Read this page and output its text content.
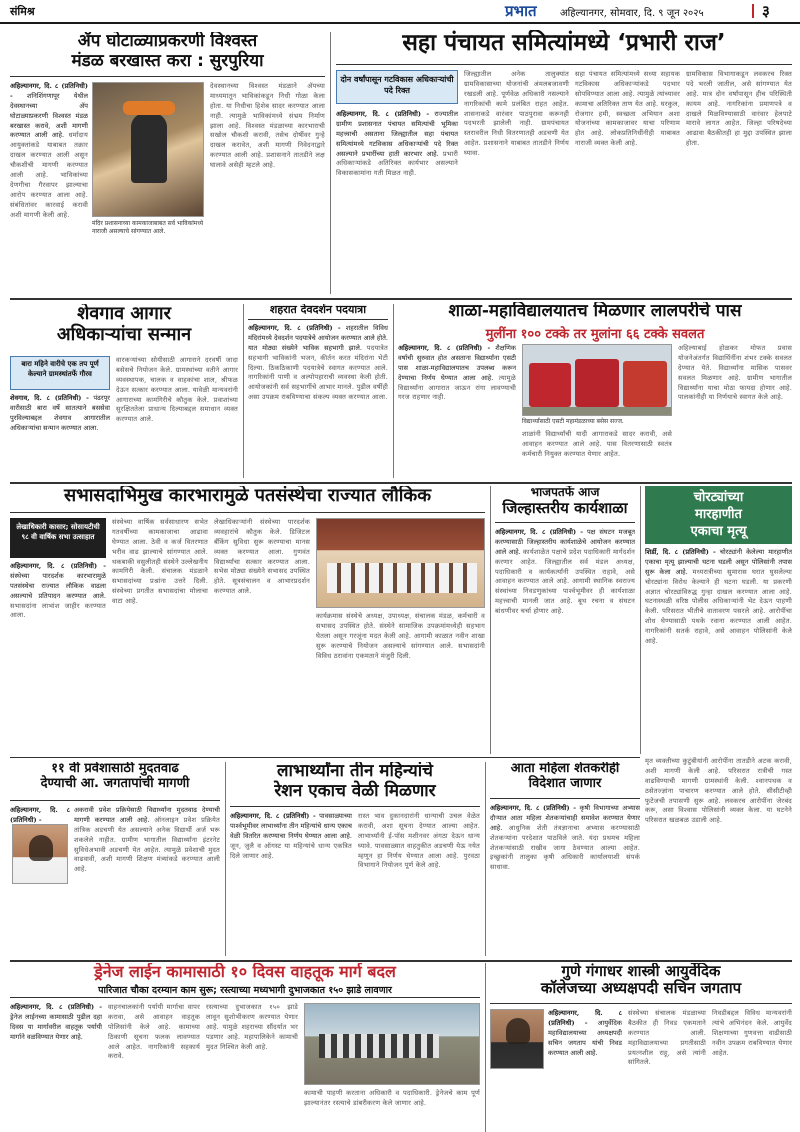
संमिश्र	प्रभात अहिल्यानगर, सोमवार, दि. ९ जून २०२५	३
ॲप घोटाळ्याप्रकरणी विश्वस्त
मंडळ बरखास्त करा : सुरपुरिया
अहिल्यानगर, दि. ८ (प्रतिनिधी) - शनिशिंगणापूर येथील देवस्थानच्या ॲप घोटाळ्याप्रकरणी विश्वस्त मंडळ बरखास्त करावे, अशी मागणी करण्यात आली आहे. धर्मादाय आयुक्तांकडे याबाबत तक्रार दाखल करण्यात आली असून चौकशीची मागणी करण्यात आली आहे. भाविकांच्या देणगीचा गैरवापर झाल्याचा आरोप करण्यात आला आहे. संबंधितांवर कारवाई करावी अशी मागणी केली आहे.
मंदिर प्रशासनाच्या कामकाजाबाबत सर्व भाविकांमध्ये नाराजी असल्याचे सांगण्यात आले.
देवस्थानच्या विश्वस्त मंडळाने ॲपच्या माध्यमातून भाविकांकडून निधी गोळा केला होता. या निधीचा हिशेब सादर करण्यात आला नाही. त्यामुळे भाविकांमध्ये संभ्रम निर्माण झाला आहे. विश्वस्त मंडळाच्या कारभाराची सखोल चौकशी करावी, तसेच दोषींवर गुन्हे दाखल करावेत, अशी मागणी निवेदनाद्वारे करण्यात आली आहे. प्रशासनाने तातडीने लक्ष घालावे असेही म्हटले आहे.
सहा पंचायत समित्यांमध्ये ‘प्रभारी राज’
दोन वर्षांपासून गटविकास अधिकाऱ्यांची पदे रिक्त
अहिल्यानगर, दि. ८ (प्रतिनिधी) - राज्यातील ग्रामीण प्रशासनात पंचायत समित्यांची भूमिका महत्त्वाची असताना जिल्ह्यातील सहा पंचायत समित्यांमध्ये गटविकास अधिकाऱ्यांची पदे रिक्त असल्याने प्रभारींच्या हाती कारभार आहे. प्रभारी अधिकाऱ्यांकडे अतिरिक्त कार्यभार असल्याने विकासकामांना गती मिळत नाही.
जिल्ह्यातील अनेक तालुक्यांत ग्रामविकासाच्या योजनांची अंमलबजावणी रखडली आहे. पूर्णवेळ अधिकारी नसल्याने नागरिकांची कामे प्रलंबित राहत आहेत. शासनाकडे वारंवार पाठपुरावा करूनही पदभरती झालेली नाही. ग्रामपंचायत स्तरावरील निधी वितरणातही अडचणी येत आहेत. प्रशासनाने याबाबत तातडीने निर्णय घ्यावा.
सहा पंचायत समित्यांमध्ये सध्या सहायक गटविकास अधिकाऱ्यांकडे पदभार सोपविण्यात आला आहे. त्यामुळे त्यांच्यावर कामाचा अतिरिक्त ताण येत आहे. घरकुल, रोजगार हमी, स्वच्छता अभियान अशा योजनांच्या कामकाजावर याचा परिणाम होत आहे. लोकप्रतिनिधींनीही याबाबत नाराजी व्यक्त केली आहे.
ग्रामविकास विभागाकडून लवकरच रिक्त पदे भरली जातील, असे सांगण्यात येत आहे. मात्र दोन वर्षांपासून हीच परिस्थिती कायम आहे. नागरिकांना प्रमाणपत्रे व दाखले मिळविण्यासाठी वारंवार हेलपाटे मारावे लागत आहेत. जिल्हा परिषदेच्या आढावा बैठकीतही हा मुद्दा उपस्थित झाला होता.
शेवगाव आगार
अधिकाऱ्यांचा सन्मान
बारा महिने वारीचे एक तप पूर्ण केल्याने ग्रामस्थांतर्फे गौरव
शेवगाव, दि. ८ (प्रतिनिधी) - पंढरपूर वारीसाठी बारा वर्षे सातत्याने बससेवा पुरविल्याबद्दल शेवगाव आगारातील अधिकाऱ्यांचा सन्मान करण्यात आला.
वारकऱ्यांच्या सोयीसाठी आगाराने दरवर्षी जादा बसेसचे नियोजन केले. ग्रामस्थांच्या वतीने आगार व्यवस्थापक, चालक व वाहकांचा शाल, श्रीफळ देऊन सत्कार करण्यात आला. यावेळी मान्यवरांनी आगाराच्या कामगिरीचे कौतुक केले. प्रवाशांच्या सुरक्षिततेला प्राधान्य दिल्याबद्दल समाधान व्यक्त करण्यात आले.
शहरात देवदर्शन पदयात्रा
अहिल्यानगर, दि. ८ (प्रतिनिधी) - शहरातील विविध मंदिरांमध्ये देवदर्शन पदयात्रेचे आयोजन करण्यात आले होते. यात मोठ्या संख्येने भाविक सहभागी झाले. पदयात्रेत सहभागी भाविकांनी भजन, कीर्तन करत मंदिरांना भेटी दिल्या. ठिकठिकाणी पदयात्रेचे स्वागत करण्यात आले. नागरिकांनी पाणी व अल्पोपहाराची व्यवस्था केली होती. आयोजकांनी सर्व सहभागींचे आभार मानले. पुढील वर्षीही असा उपक्रम राबविण्याचा संकल्प व्यक्त करण्यात आला.
शाळा-महाविद्यालयातच मिळणार लालपरीचे पास
मुलींना १०० टक्के तर मुलांना ६६ टक्के सवलत
अहिल्यानगर, दि. ८ (प्रतिनिधी) - शैक्षणिक वर्षाची सुरुवात होत असताना विद्यार्थ्यांना एसटी पास शाळा-महाविद्यालयातच उपलब्ध करून देण्याचा निर्णय घेण्यात आला आहे. त्यामुळे विद्यार्थ्यांना आगारात जाऊन रांगा लावण्याची गरज राहणार नाही.
विद्यार्थ्यांसाठी एसटी महामंडळाच्या बसेस सज्ज.
शाळांनी विद्यार्थ्यांची यादी आगाराकडे सादर करावी, असे आवाहन करण्यात आले आहे. पास वितरणासाठी स्वतंत्र कर्मचारी नियुक्त करण्यात येणार आहेत.
अहिल्याबाई होळकर मोफत प्रवास योजनेअंतर्गत विद्यार्थिनींना शंभर टक्के सवलत देण्यात येते. विद्यार्थ्यांना मासिक पासवर सवलत मिळणार आहे. ग्रामीण भागातील विद्यार्थ्यांना याचा मोठा फायदा होणार आहे. पालकांनीही या निर्णयाचे स्वागत केले आहे.
सभासदाभिमुख कारभारामुळे पतसंस्थेचा राज्यात लौकिक
लेखाधिकारी कासार; सोसायटीची ९८ वी वार्षिक सभा उत्साहात
अहिल्यानगर, दि. ८ (प्रतिनिधी) - संस्थेच्या पारदर्शक कारभारामुळे पतसंस्थेचा राज्यात लौकिक वाढला असल्याचे प्रतिपादन करण्यात आले. सभासदांना लाभांश जाहीर करण्यात आला.
संस्थेच्या वार्षिक सर्वसाधारण सभेत गतवर्षीच्या कामकाजाचा आढावा घेण्यात आला. ठेवी व कर्ज वितरणात भरीव वाढ झाल्याचे सांगण्यात आले. थकबाकी वसुलीतही संस्थेने उल्लेखनीय कामगिरी केली. संचालक मंडळाने सभासदांच्या प्रश्नांना उत्तरे दिली. संस्थेच्या प्रगतीत सभासदांचा मोलाचा वाटा आहे.
लेखाधिकाऱ्यांनी संस्थेच्या पारदर्शक व्यवहारांचे कौतुक केले. डिजिटल बँकिंग सुविधा सुरू करण्याचा मानस व्यक्त करण्यात आला. गुणवंत विद्यार्थ्यांचा सत्कार करण्यात आला. सभेस मोठ्या संख्येने सभासद उपस्थित होते. सूत्रसंचालन व आभारप्रदर्शन करण्यात आले.
कार्यक्रमास संस्थेचे अध्यक्ष, उपाध्यक्ष, संचालक मंडळ, कर्मचारी व सभासद उपस्थित होते. संस्थेने सामाजिक उपक्रमांमध्येही सहभाग घेतला असून गरजूंना मदत केली आहे. आगामी काळात नवीन शाखा सुरू करण्याचे नियोजन असल्याचे सांगण्यात आले. सभासदांनी विविध ठरावांना एकमताने मंजुरी दिली.
भाजपतर्फे आज
जिल्हास्तरीय कार्यशाळा
अहिल्यानगर, दि. ८ (प्रतिनिधी) - पक्ष संघटन मजबूत करण्यासाठी जिल्हास्तरीय कार्यशाळेचे आयोजन करण्यात आले आहे. कार्यशाळेत पक्षाचे प्रदेश पदाधिकारी मार्गदर्शन करणार आहेत. जिल्ह्यातील सर्व मंडल अध्यक्ष, पदाधिकारी व कार्यकर्त्यांनी उपस्थित राहावे, असे आवाहन करण्यात आले आहे. आगामी स्थानिक स्वराज्य संस्थांच्या निवडणुकांच्या पार्श्वभूमीवर ही कार्यशाळा महत्त्वाची मानली जात आहे. बूथ रचना व संघटन बांधणीवर चर्चा होणार आहे.
चोरट्यांच्या
मारहाणीत
एकाचा मृत्यू
शिर्डी, दि. ८ (प्रतिनिधी) - चोरट्यांनी केलेल्या मारहाणीत एकाचा मृत्यू झाल्याची घटना घडली असून पोलिसांनी तपास सुरू केला आहे. मध्यरात्रीच्या सुमारास घरात घुसलेल्या चोरट्यांना विरोध केल्याने ही घटना घडली. या प्रकरणी अज्ञात चोरट्यांविरुद्ध गुन्हा दाखल करण्यात आला आहे. घटनास्थळी वरिष्ठ पोलीस अधिकाऱ्यांनी भेट देऊन पाहणी केली. परिसरात भीतीचे वातावरण पसरले आहे. आरोपींचा शोध घेण्यासाठी पथके रवाना करण्यात आली आहेत. नागरिकांनी सतर्क राहावे, असे आवाहन पोलिसांनी केले आहे.
११ वी प्रवेशासाठी मुदतवाढ
देण्याची आ. जगतापांची मागणी
अहिल्यानगर, दि. ८ (प्रतिनिधी) -
अकरावी प्रवेश प्रक्रियेसाठी विद्यार्थ्यांना मुदतवाढ देण्याची मागणी करण्यात आली आहे. ऑनलाइन प्रवेश प्रक्रियेत तांत्रिक अडचणी येत असल्याने अनेक विद्यार्थी अर्ज भरू शकलेले नाहीत. ग्रामीण भागातील विद्यार्थ्यांना इंटरनेट सुविधेअभावी अडचणी येत आहेत. त्यामुळे प्रवेशाची मुदत वाढवावी, अशी मागणी शिक्षण मंत्र्यांकडे करण्यात आली आहे.
लाभार्थ्यांना तीन महिन्यांचे
रेशन एकाच वेळी मिळणार
अहिल्यानगर, दि. ८ (प्रतिनिधी) - पावसाळ्याच्या पार्श्वभूमीवर लाभार्थ्यांना तीन महिन्यांचे धान्य एकाच वेळी वितरित करण्याचा निर्णय घेण्यात आला आहे. जून, जुलै व ऑगस्ट या महिन्यांचे धान्य एकत्रित दिले जाणार आहे.
रास्त भाव दुकानदारांनी धान्याची उचल वेळेत करावी, अशा सूचना देण्यात आल्या आहेत. लाभार्थ्यांनी ई-पॉस मशीनवर अंगठा देऊन धान्य घ्यावे. पावसाळ्यात वाहतुकीत अडचणी येऊ नयेत म्हणून हा निर्णय घेण्यात आला आहे. पुरवठा विभागाने नियोजन पूर्ण केले आहे.
आता महिला शेतकरीही
विदेशात जाणार
अहिल्यानगर, दि. ८ (प्रतिनिधी) - कृषी विभागाच्या अभ्यास दौऱ्यात आता महिला शेतकऱ्यांचाही समावेश करण्यात येणार आहे. आधुनिक शेती तंत्रज्ञानाचा अभ्यास करण्यासाठी शेतकऱ्यांना परदेशात पाठविले जाते. यंदा प्रथमच महिला शेतकऱ्यांसाठी राखीव जागा ठेवण्यात आल्या आहेत. इच्छुकांनी तालुका कृषी अधिकारी कार्यालयाशी संपर्क साधावा.
मृत व्यक्तीच्या कुटुंबीयांनी आरोपींना तातडीने अटक करावी, अशी मागणी केली आहे. परिसरात रात्रीची गस्त वाढविण्याची मागणी ग्रामस्थांनी केली. श्वानपथक व ठसेतज्ज्ञांना पाचारण करण्यात आले होते. सीसीटीव्ही फुटेजची तपासणी सुरू आहे. लवकरच आरोपींना जेरबंद करू, असा विश्वास पोलिसांनी व्यक्त केला. या घटनेने परिसरात खळबळ उडाली आहे.
ड्रेनेज लाईन कामासाठी १० दिवस वाहतूक मार्ग बदल
पारिजात चौका दरम्यान काम सुरू; रस्त्याच्या मध्यभागी दुभाजकात १५० झाडे लावणार
अहिल्यानगर, दि. ८ (प्रतिनिधी) - ड्रेनेज लाईनच्या कामासाठी पुढील दहा दिवस या मार्गावरील वाहतूक पर्यायी मार्गाने वळविण्यात येणार आहे.
वाहनचालकांनी पर्यायी मार्गाचा वापर करावा, असे आवाहन वाहतूक पोलिसांनी केले आहे. कामाच्या ठिकाणी सूचना फलक लावण्यात आले आहेत. नागरिकांनी सहकार्य करावे.
रस्त्याच्या दुभाजकात १५० झाडे लावून सुशोभीकरण करण्यात येणार आहे. यामुळे शहराच्या सौंदर्यात भर पडणार आहे. महापालिकेने कामाची मुदत निश्चित केली आहे.
कामाची पाहणी करताना अधिकारी व पदाधिकारी. ड्रेनेजचे काम पूर्ण झाल्यानंतर रस्त्याचे डांबरीकरण केले जाणार आहे.
गुणे गंगाधर शास्त्री आयुर्वेदिक
कॉलेजच्या अध्यक्षपदी सचिन जगताप
अहिल्यानगर, दि. ८ (प्रतिनिधी) - आयुर्वेदिक महाविद्यालयाच्या अध्यक्षपदी सचिन जगताप यांची निवड करण्यात आली आहे.
संस्थेच्या संचालक मंडळाच्या बैठकीत ही निवड एकमताने करण्यात आली. महाविद्यालयाच्या प्रगतीसाठी प्रयत्नशील राहू, असे त्यांनी सांगितले.
निवडीबद्दल विविध मान्यवरांनी त्यांचे अभिनंदन केले. आयुर्वेद शिक्षणाच्या गुणवत्ता वाढीसाठी नवीन उपक्रम राबविण्यात येणार आहेत.
